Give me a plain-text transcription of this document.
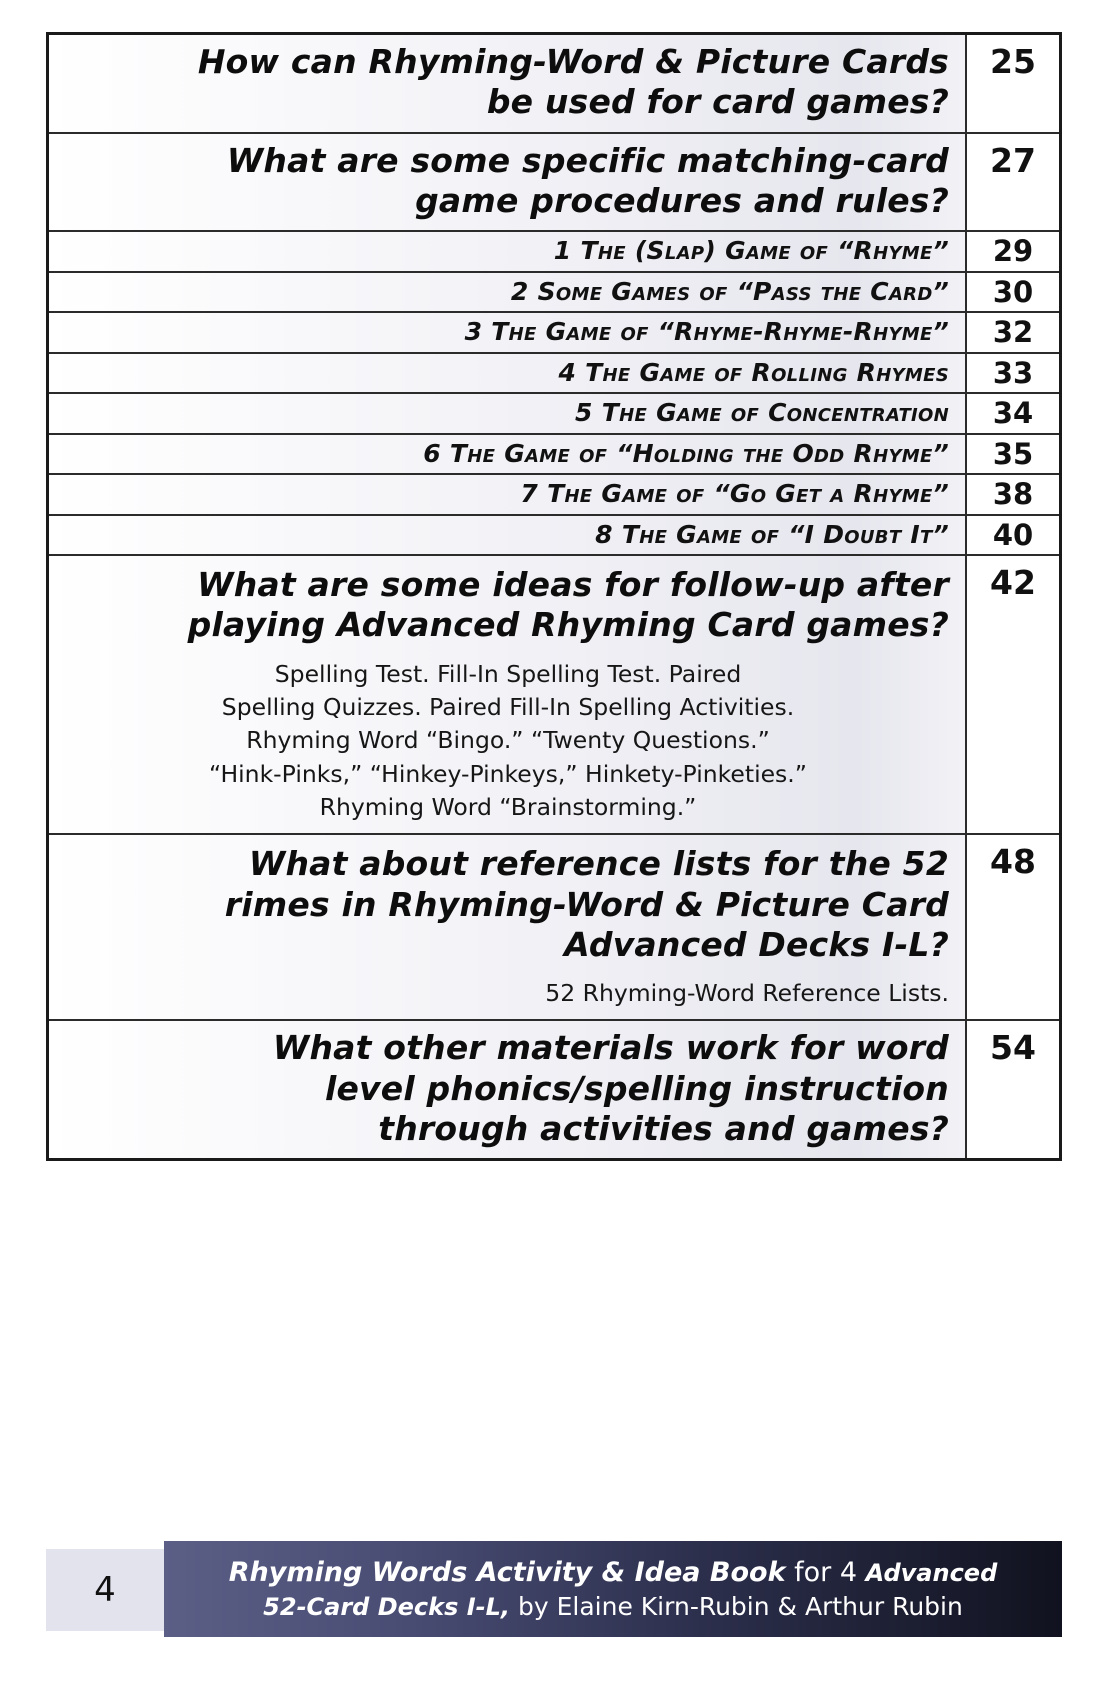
How can Rhyming-Word & Picture Cards
be used for card games?
25
What are some specific matching-card
game procedures and rules?
27
1 The (Slap) Game of “Rhyme” 29
2 Some Games of “Pass the Card” 30
3 The Game of “Rhyme-Rhyme-Rhyme” 32
4 The Game of Rolling Rhymes 33
5 The Game of Concentration 34
6 The Game of “Holding the Odd Rhyme” 35
7 The Game of “Go Get a Rhyme” 38
8 The Game of “I Doubt It” 40
What are some ideas for follow-up after
playing Advanced Rhyming Card games?
Spelling Test. Fill-In Spelling Test. Paired
Spelling Quizzes. Paired Fill-In Spelling Activities.
Rhyming Word “Bingo.” “Twenty Questions.”
“Hink-Pinks,” “Hinkey-Pinkeys,” Hinkety-Pinketies.”
Rhyming Word “Brainstorming.”
42
What about reference lists for the 52
rimes in Rhyming-Word & Picture Card
Advanced Decks I-L?
52 Rhyming-Word Reference Lists.
48
What other materials work for word
level phonics/spelling instruction
through activities and games?
54
4	Rhyming Words Activity & Idea Book for 4 Advanced
52-Card Decks I-L, by Elaine Kirn-Rubin & Arthur Rubin
